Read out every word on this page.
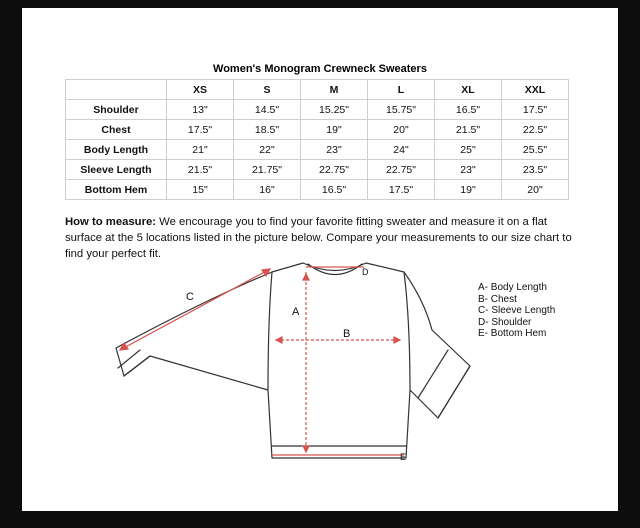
Women's Monogram Crewneck Sweaters
	XS	S	M	L	XL	XXL
Shoulder	13"	14.5"	15.25"	15.75"	16.5"	17.5"
Chest	17.5"	18.5"	19"	20"	21.5"	22.5"
Body Length	21"	22"	23"	24"	25"	25.5"
Sleeve Length	21.5"	21.75"	22.75"	22.75"	23"	23.5"
Bottom Hem	15"	16"	16.5"	17.5"	19"	20"
How to measure: We encourage you to find your favorite fitting sweater and measure it on a flat surface at the 5 locations listed in the picture below. Compare your measurements to our size chart to find your perfect fit.
A
B
C
D
E
A- Body Length
B- Chest
C- Sleeve Length
D- Shoulder
E- Bottom Hem
